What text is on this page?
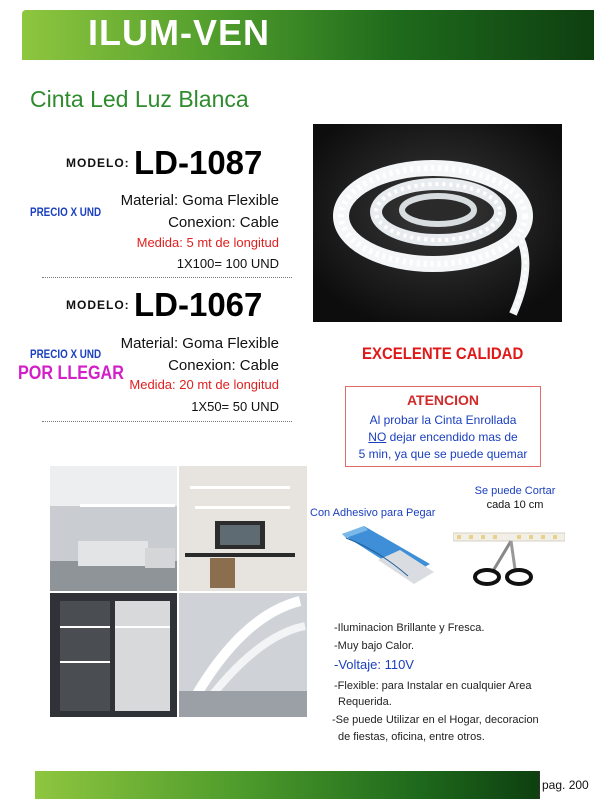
ILUM-VEN
Cinta Led Luz Blanca
MODELO: LD-1087
PRECIO X UND
Material: Goma Flexible
Conexion: Cable
Medida: 5 mt de longitud
1X100= 100 UND
MODELO: LD-1067
PRECIO X UND
POR LLEGAR
Material: Goma Flexible
Conexion: Cable
Medida: 20 mt de longitud
1X50= 50 UND
EXCELENTE CALIDAD
ATENCION
Al probar la Cinta Enrollada
NO dejar encendido mas de
5 min, ya que se puede quemar
Con Adhesivo para Pegar
Se puede Cortar
cada 10 cm
-Iluminacion Brillante y Fresca.
-Muy bajo Calor.
-Voltaje: 110V
-Flexible: para Instalar en cualquier Area
Requerida.
-Se puede Utilizar en el Hogar, decoracion
de fiestas, oficina, entre otros.
pag. 200
